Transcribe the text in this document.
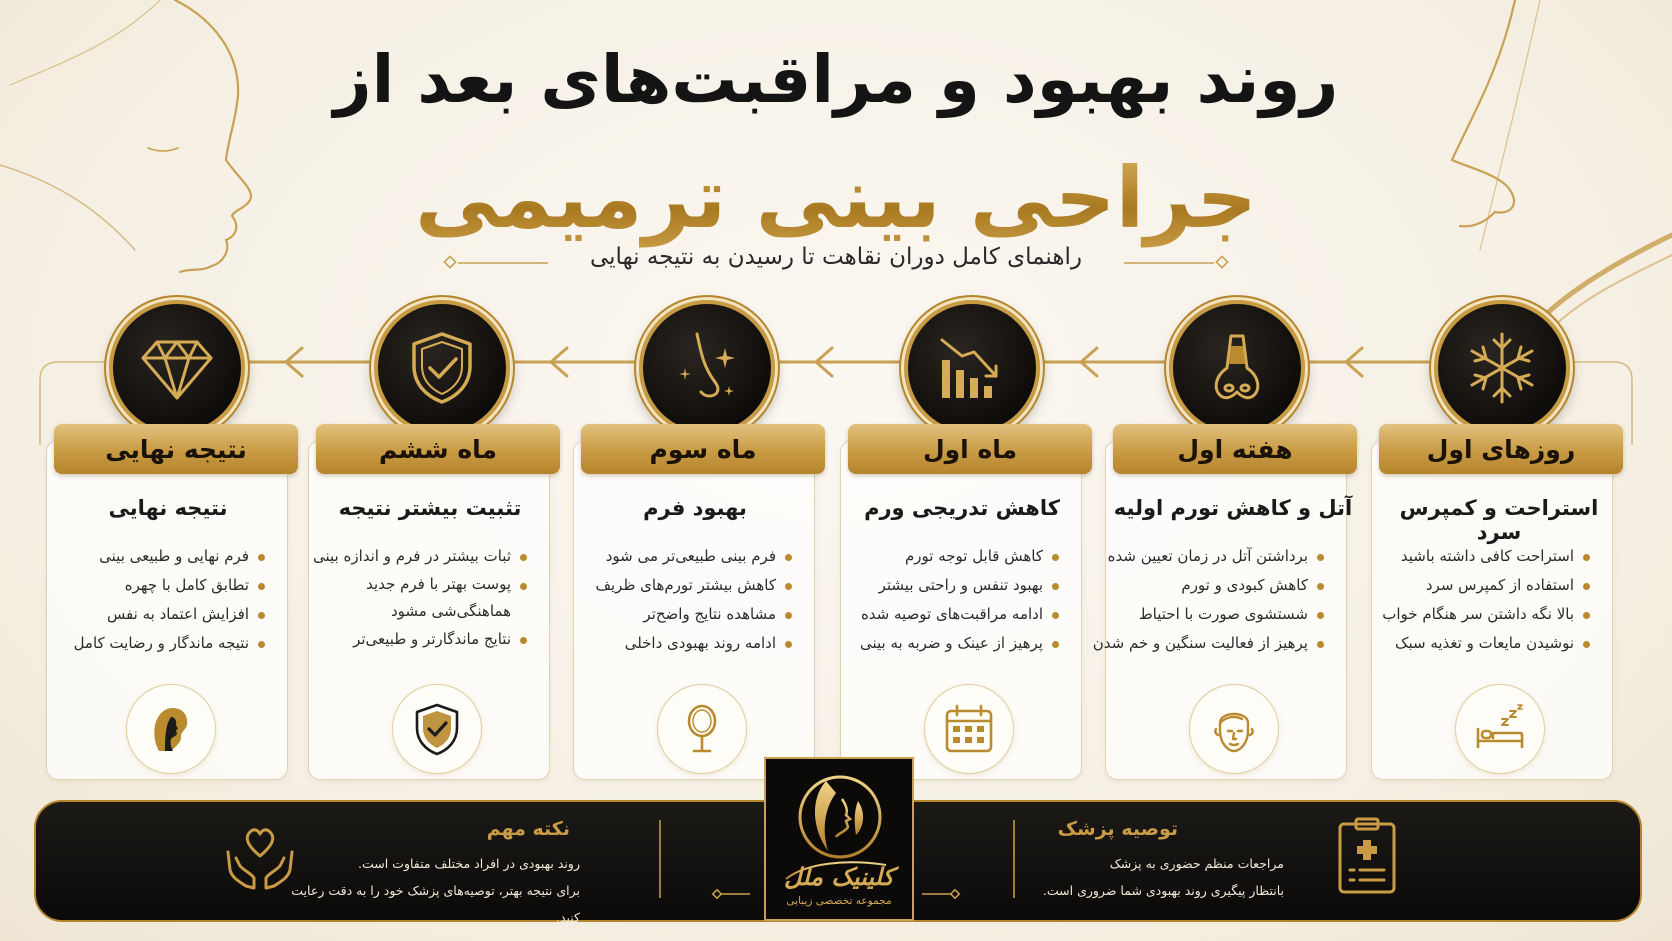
روند بهبود و مراقبت‌های بعد از
جراحی بینی ترمیمی
راهنمای کامل دوران نقاهت تا رسیدن به نتیجه نهایی
روزهای اول
هفته اول
ماه اول
ماه سوم
ماه ششم
نتیجه نهایی
استراحت و کمپرس سرد
آتل و کاهش تورم اولیه
کاهش تدریجی ورم
بهبود فرم
تثبیت بیشتر نتیجه
نتیجه نهایی
استراحت کافی داشته باشید
استفاده از کمپرس سرد
بالا نگه داشتن سر هنگام خواب
نوشیدن مایعات و تغذیه سبک
برداشتن آتل در زمان تعیین شده
کاهش کبودی و تورم
شستشوی صورت با احتیاط
پرهیز از فعالیت سنگین و خم شدن
کاهش قابل توجه تورم
بهبود تنفس و راحتی بیشتر
ادامه مراقبت‌های توصیه شده
پرهیز از عینک و ضربه به بینی
فرم بینی طبیعی‌تر می شود
کاهش بیشتر تورم‌های ظریف
مشاهده نتایج واضح‌تر
ادامه روند بهبودی داخلی
ثبات بیشتر در فرم و اندازه بینی
پوست بهتر با فرم جدید هماهنگی‌شی مشود
نتایج ماندگارتر و طبیعی‌تر
فرم نهایی و طبیعی بینی
تطابق کامل با چهره
افزایش اعتماد به نفس
نتیجه ماندگار و رضایت کامل
توصیه پزشک
مراجعات منظم حضوری به پزشک
بانتظار پیگیری روند بهبودی شما ضروری است.
نکته مهم
روند بهبودی در افراد مختلف متفاوت است.
برای نتیجه بهتر، توصیه‌های پزشک خود را به دقت رعایت کنید.
کلینیک ملل
مجموعه تخصصی زیبایی
